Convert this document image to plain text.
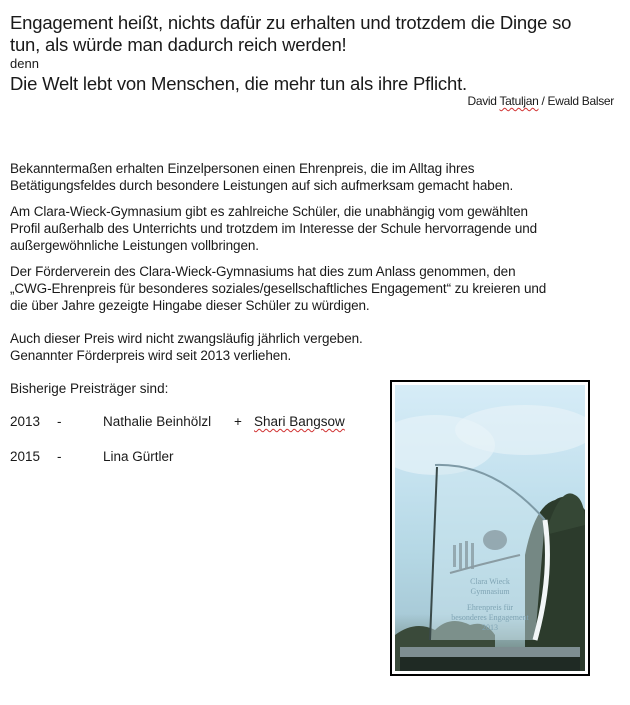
Engagement heißt, nichts dafür zu erhalten und trotzdem die Dinge so
tun, als würde man dadurch reich werden!
denn
Die Welt lebt von Menschen, die mehr tun als ihre Pflicht.
David Tatuljan / Ewald Balser
Bekanntermaßen erhalten Einzelpersonen einen Ehrenpreis, die im Alltag ihres
Betätigungsfeldes durch besondere Leistungen auf sich aufmerksam gemacht haben.
Am Clara-Wieck-Gymnasium gibt es zahlreiche Schüler, die unabhängig vom gewählten
Profil außerhalb des Unterrichts und trotzdem im Interesse der Schule hervorragende und
außergewöhnliche Leistungen vollbringen.
Der Förderverein des Clara-Wieck-Gymnasiums hat dies zum Anlass genommen, den
„CWG-Ehrenpreis für besonderes soziales/gesellschaftliches Engagement“ zu kreieren und
die über Jahre gezeigte Hingabe dieser Schüler zu würdigen.
Auch dieser Preis wird nicht zwangsläufig jährlich vergeben.
Genannter Förderpreis wird seit 2013 verliehen.
Bisherige Preisträger sind:
2013 -	Nathalie Beinhölzl + Shari Bangsow
2015 -	Lina Gürtler
Clara Wieck
Gymnasium
Ehrenpreis für
besonderes Engagement
2013
